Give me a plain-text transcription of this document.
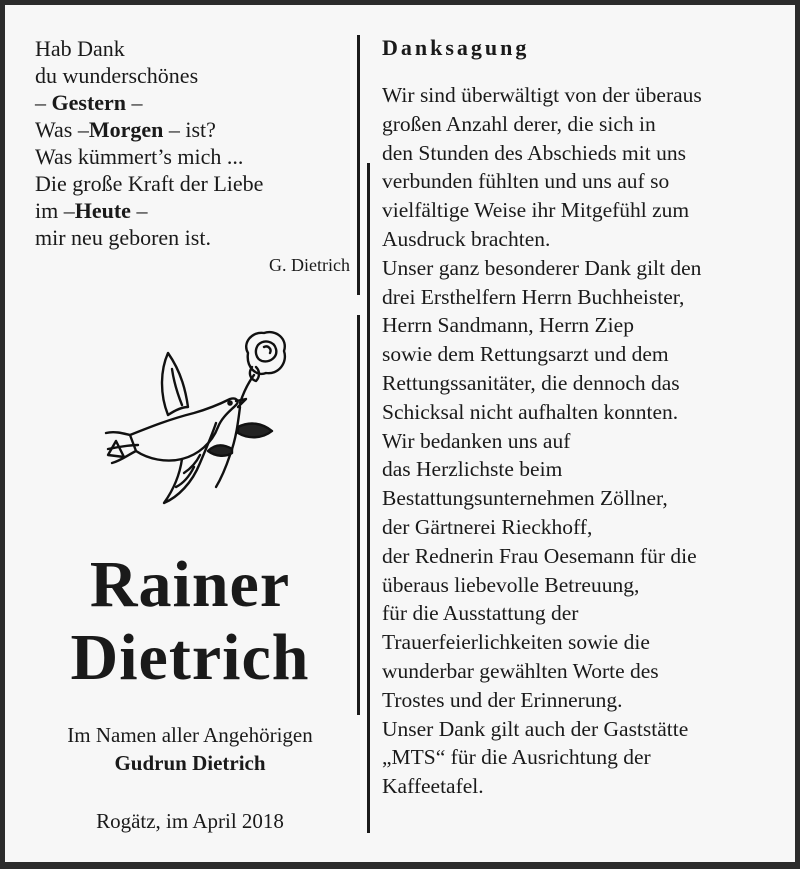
Hab Dank
du wunderschönes
– Gestern –
Was –Morgen – ist?
Was kümmert’s mich ...
Die große Kraft der Liebe
im –Heute –
mir neu geboren ist.
G. Dietrich
Rainer
Dietrich
Im Namen aller Angehörigen
Gudrun Dietrich
Rogätz, im April 2018
Danksagung
Wir sind überwältigt von der überaus
großen Anzahl derer, die sich in
den Stunden des Abschieds mit uns
verbunden fühlten und uns auf so
vielfältige Weise ihr Mitgefühl zum
Ausdruck brachten.
Unser ganz besonderer Dank gilt den
drei Ersthelfern Herrn Buchheister,
Herrn Sandmann, Herrn Ziep
sowie dem Rettungsarzt und dem
Rettungssanitäter, die dennoch das
Schicksal nicht aufhalten konnten.
Wir bedanken uns auf
das Herzlichste beim
Bestattungsunternehmen Zöllner,
der Gärtnerei Rieckhoff,
der Rednerin Frau Oesemann für die
überaus liebevolle Betreuung,
für die Ausstattung der
Trauerfeierlichkeiten sowie die
wunderbar gewählten Worte des
Trostes und der Erinnerung.
Unser Dank gilt auch der Gaststätte
„MTS“ für die Ausrichtung der
Kaffeetafel.
